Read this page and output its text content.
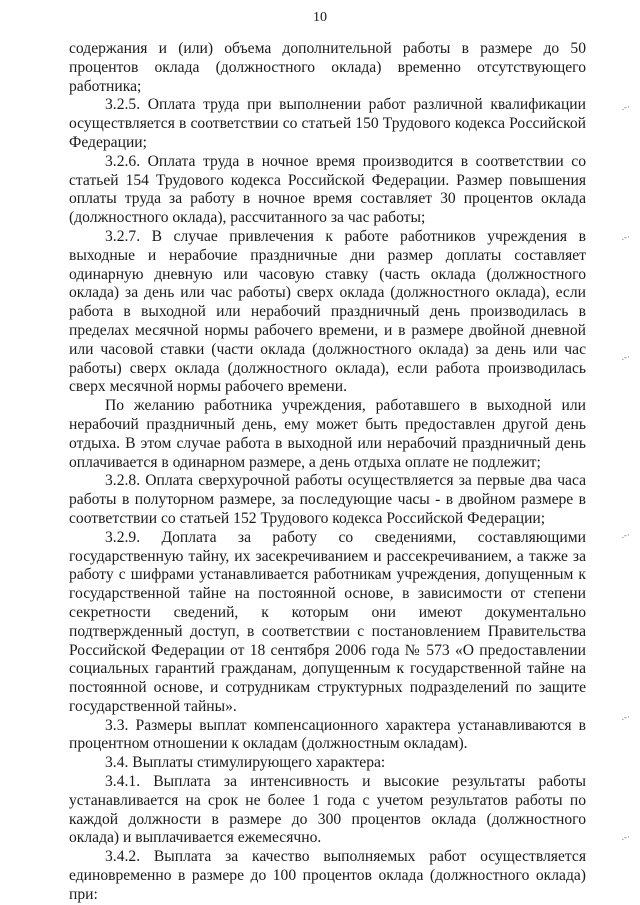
10

содержания и (или) объема дополнительной работы в размере до 50 процентов оклада (должностного оклада) временно отсутствующего работника;

3.2.5. Оплата труда при выполнении работ различной квалификации осуществляется в соответствии со статьей 150 Трудового кодекса Российской Федерации;

3.2.6. Оплата труда в ночное время производится в соответствии со статьей 154 Трудового кодекса Российской Федерации. Размер повышения оплаты труда за работу в ночное время составляет 30 процентов оклада (должностного оклада), рассчитанного за час работы;

3.2.7. В случае привлечения к работе работников учреждения в выходные и нерабочие праздничные дни размер доплаты составляет одинарную дневную или часовую ставку (часть оклада (должностного оклада) за день или час работы) сверх оклада (должностного оклада), если работа в выходной или нерабочий праздничный день производилась в пределах месячной нормы рабочего времени, и в размере двойной дневной или часовой ставки (части оклада (должностного оклада) за день или час работы) сверх оклада (должностного оклада), если работа производилась сверх месячной нормы рабочего времени.

По желанию работника учреждения, работавшего в выходной или нерабочий праздничный день, ему может быть предоставлен другой день отдыха. В этом случае работа в выходной или нерабочий праздничный день оплачивается в одинарном размере, а день отдыха оплате не подлежит;

3.2.8. Оплата сверхурочной работы осуществляется за первые два часа работы в полуторном размере, за последующие часы - в двойном размере в соответствии со статьей 152 Трудового кодекса Российской Федерации;

3.2.9. Доплата за работу со сведениями, составляющими государственную тайну, их засекречиванием и рассекречиванием, а также за работу с шифрами устанавливается работникам учреждения, допущенным к государственной тайне на постоянной основе, в зависимости от степени секретности сведений, к которым они имеют документально подтвержденный доступ, в соответствии с постановлением Правительства Российской Федерации от 18 сентября 2006 года № 573 «О предоставлении социальных гарантий гражданам, допущенным к государственной тайне на постоянной основе, и сотрудникам структурных подразделений по защите государственной тайны».

3.3. Размеры выплат компенсационного характера устанавливаются в процентном отношении к окладам (должностным окладам).

3.4. Выплаты стимулирующего характера:

3.4.1. Выплата за интенсивность и высокие результаты работы устанавливается на срок не более 1 года с учетом результатов работы по каждой должности в размере до 300 процентов оклада (должностного оклада) и выплачивается ежемесячно.

3.4.2. Выплата за качество выполняемых работ осуществляется единовременно в размере до 100 процентов оклада (должностного оклада) при:

.-·
.-·
.-·
.-·
.-·
.-·
